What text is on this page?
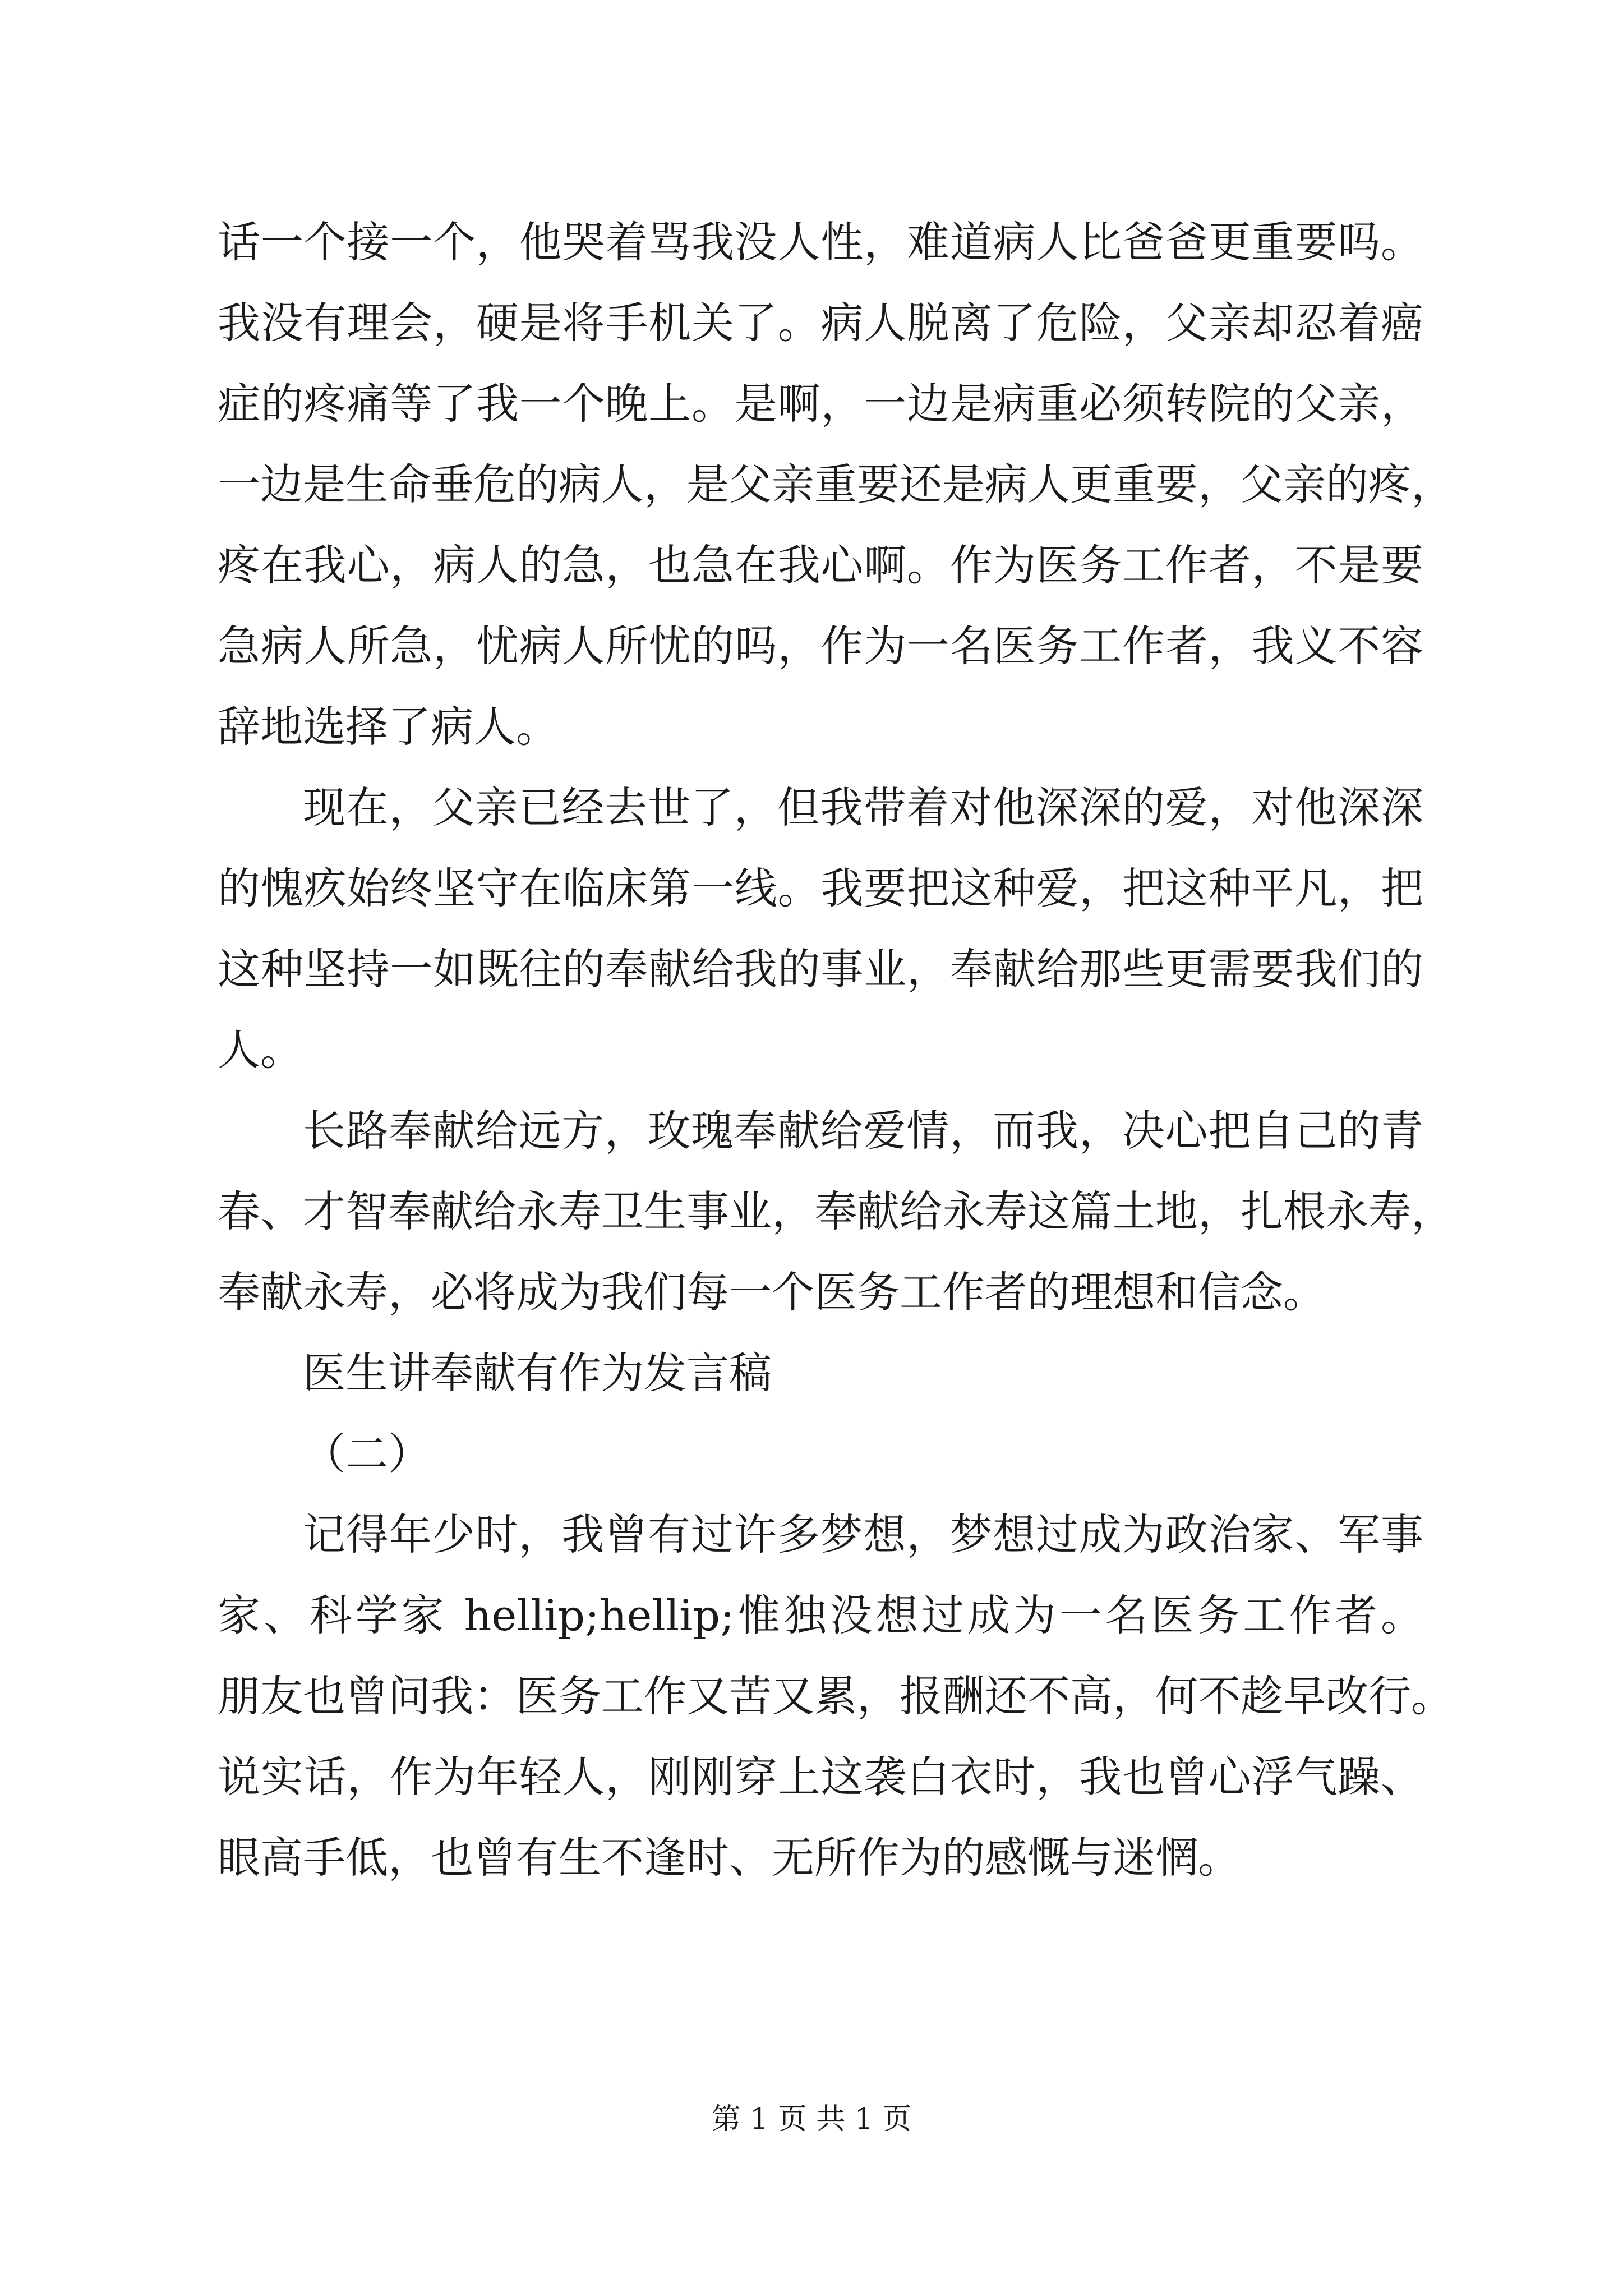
话一个接一个，他哭着骂我没人性，难道病人比爸爸更重要吗。
我没有理会，硬是将手机关了。病人脱离了危险，父亲却忍着癌
症的疼痛等了我一个晚上。是啊，一边是病重必须转院的父亲，
一边是生命垂危的病人，是父亲重要还是病人更重要，父亲的疼，
疼在我心，病人的急，也急在我心啊。作为医务工作者，不是要
急病人所急，忧病人所忧的吗，作为一名医务工作者，我义不容
辞地选择了病人。
现在，父亲已经去世了，但我带着对他深深的爱，对他深深
的愧疚始终坚守在临床第一线。我要把这种爱，把这种平凡，把
这种坚持一如既往的奉献给我的事业，奉献给那些更需要我们的
人。
长路奉献给远方，玫瑰奉献给爱情，而我，决心把自己的青
春、才智奉献给永寿卫生事业，奉献给永寿这篇土地，扎根永寿，
奉献永寿，必将成为我们每一个医务工作者的理想和信念。
医生讲奉献有作为发言稿
（二）
记得年少时，我曾有过许多梦想，梦想过成为政治家、军事
家、科学家 hellip;hellip;惟独没想过成为一名医务工作者。
朋友也曾问我：医务工作又苦又累，报酬还不高，何不趁早改行。
说实话，作为年轻人，刚刚穿上这袭白衣时，我也曾心浮气躁、
眼高手低，也曾有生不逢时、无所作为的感慨与迷惘。
第 1 页 共 1 页
